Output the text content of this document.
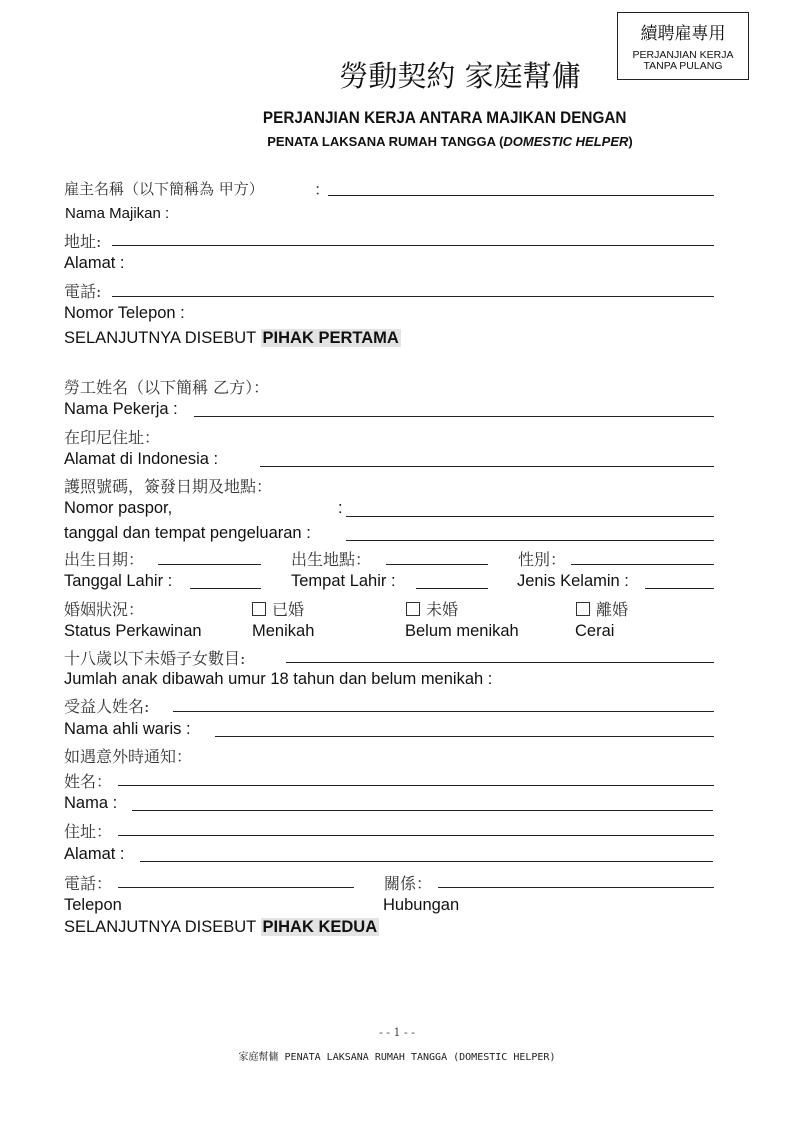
續聘雇專用
PERJANJIAN KERJA
TANPA PULANG
勞動契約 家庭幫傭
PERJANJIAN KERJA ANTARA MAJIKAN DENGAN
PENATA LAKSANA RUMAH TANGGA (DOMESTIC HELPER)
雇主名稱（以下簡稱為 甲方）	：
Nama Majikan :
地址:
Alamat :
電話:
Nomor Telepon :
SELANJUTNYA DISEBUT PIHAK PERTAMA
勞工姓名（以下簡稱 乙方）：
Nama Pekerja :
在印尼住址：
Alamat di Indonesia :
護照號碼，簽發日期及地點：
Nomor paspor,	:
tanggal dan tempat pengeluaran :
出生日期：	出生地點：	性別：
Tanggal Lahir :	Tempat Lahir :	Jenis Kelamin :
婚姻狀況：	已婚	未婚	離婚
Status Perkawinan	Menikah	Belum menikah	Cerai
十八歲以下未婚子女數目:
Jumlah anak dibawah umur 18 tahun dan belum menikah :
受益人姓名:
Nama ahli waris :
如遇意外時通知：
姓名：
Nama :
住址：
Alamat :
電話：	關係：
Telepon	Hubungan
SELANJUTNYA DISEBUT PIHAK KEDUA
- - 1 - -
家庭幫傭 PENATA LAKSANA RUMAH TANGGA (DOMESTIC HELPER)
